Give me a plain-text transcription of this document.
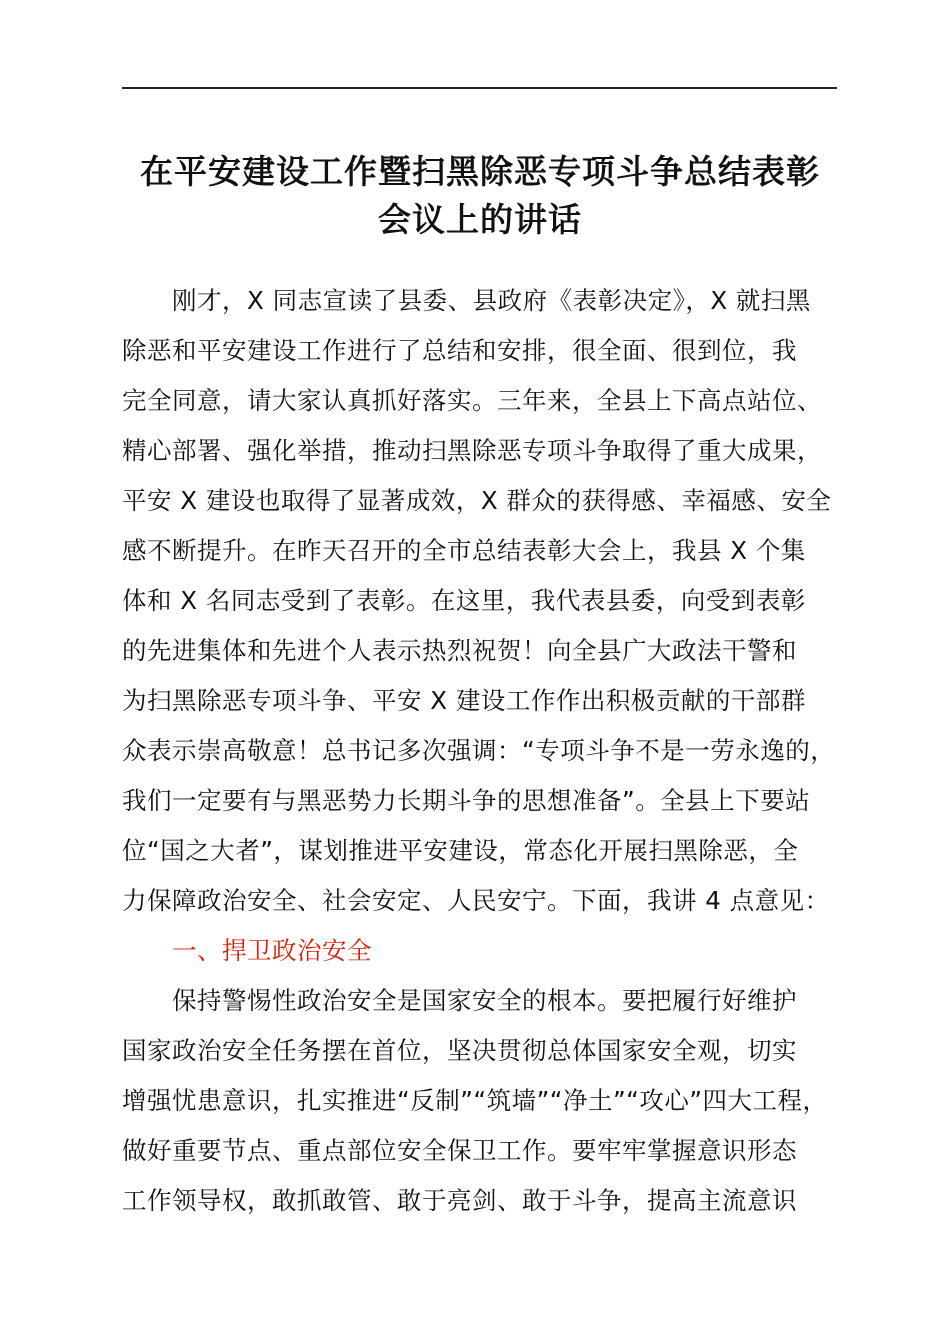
在平安建设工作暨扫黑除恶专项斗争总结表彰
会议上的讲话
刚才，X 同志宣读了县委、县政府《表彰决定》，X 就扫黑
除恶和平安建设工作进行了总结和安排，很全面、很到位，我
完全同意，请大家认真抓好落实。三年来，全县上下高点站位、
精心部署、强化举措，推动扫黑除恶专项斗争取得了重大成果，
平安 X 建设也取得了显著成效，X 群众的获得感、幸福感、安全
感不断提升。在昨天召开的全市总结表彰大会上，我县 X 个集
体和 X 名同志受到了表彰。在这里，我代表县委，向受到表彰
的先进集体和先进个人表示热烈祝贺！向全县广大政法干警和
为扫黑除恶专项斗争、平安 X 建设工作作出积极贡献的干部群
众表示崇高敬意！总书记多次强调：“专项斗争不是一劳永逸的，
我们一定要有与黑恶势力长期斗争的思想准备”。全县上下要站
位“国之大者”，谋划推进平安建设，常态化开展扫黑除恶，全
力保障政治安全、社会安定、人民安宁。下面，我讲 4 点意见：
一、捍卫政治安全
保持警惕性政治安全是国家安全的根本。要把履行好维护
国家政治安全任务摆在首位，坚决贯彻总体国家安全观，切实
增强忧患意识，扎实推进“反制”“筑墙”“净土”“攻心”四大工程，
做好重要节点、重点部位安全保卫工作。要牢牢掌握意识形态
工作领导权，敢抓敢管、敢于亮剑、敢于斗争，提高主流意识
